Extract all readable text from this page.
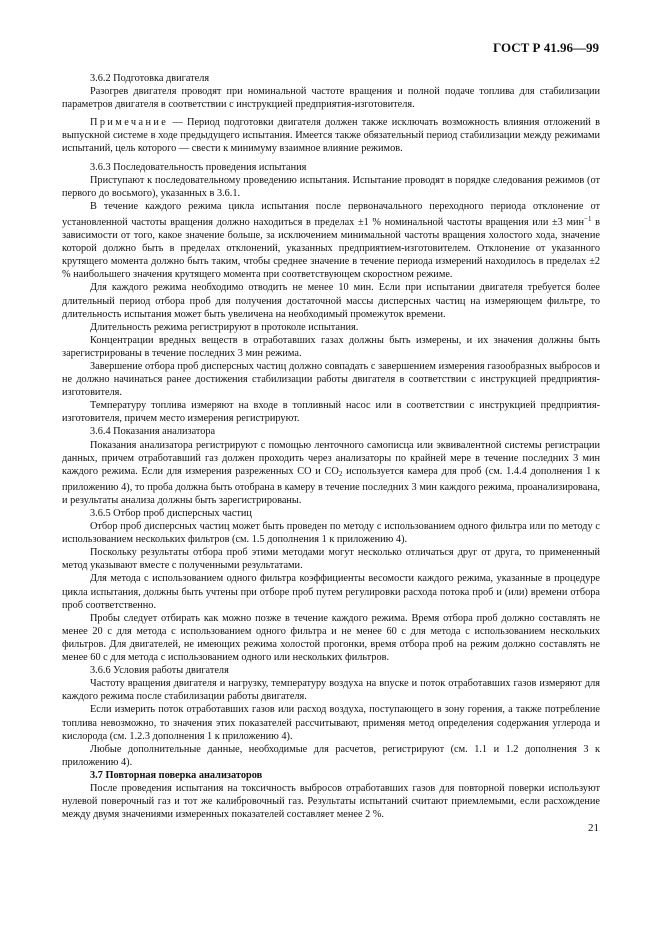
ГОСТ Р 41.96—99

3.6.2 Подготовка двигателя

Разогрев двигателя проводят при номинальной частоте вращения и полной подаче топлива для стабилизации параметров двигателя в соответствии с инструкцией предприятия-изготовителя.

Примечание — Период подготовки двигателя должен также исключать возможность влияния отложений в выпускной системе в ходе предыдущего испытания. Имеется также обязательный период стабилизации между режимами испытаний, цель которого — свести к минимуму взаимное влияние режимов.

3.6.3 Последовательность проведения испытания

Приступают к последовательному проведению испытания. Испытание проводят в порядке следования режимов (от первого до восьмого), указанных в 3.6.1.

В течение каждого режима цикла испытания после первоначального переходного периода отклонение от установленной частоты вращения должно находиться в пределах ±1 % номинальной частоты вращения или ±3 мин$^{-1}$ в зависимости от того, какое значение больше, за исключением минимальной частоты вращения холостого хода, значение которой должно быть в пределах отклонений, указанных предприятием-изготовителем. Отклонение от указанного крутящего момента должно быть таким, чтобы среднее значение в течение периода измерений находилось в пределах ±2 % наибольшего значения крутящего момента при соответствующем скоростном режиме.

Для каждого режима необходимо отводить не менее 10 мин. Если при испытании двигателя требуется более длительный период отбора проб для получения достаточной массы дисперсных частиц на измеряющем фильтре, то длительность испытания может быть увеличена на необходимый промежуток времени.

Длительность режима регистрируют в протоколе испытания.

Концентрации вредных веществ в отработавших газах должны быть измерены, и их значения должны быть зарегистрированы в течение последних 3 мин режима.

Завершение отбора проб дисперсных частиц должно совпадать с завершением измерения газообразных выбросов и не должно начинаться ранее достижения стабилизации работы двигателя в соответствии с инструкцией предприятия-изготовителя.

Температуру топлива измеряют на входе в топливный насос или в соответствии с инструкцией предприятия-изготовителя, причем место измерения регистрируют.

3.6.4 Показания анализатора

Показания анализатора регистрируют с помощью ленточного самописца или эквивалентной системы регистрации данных, причем отработавший газ должен проходить через анализаторы по крайней мере в течение последних 3 мин каждого режима. Если для измерения разреженных CO и $CO_2$ используется камера для проб (см. 1.4.4 дополнения 1 к приложению 4), то проба должна быть отобрана в камеру в течение последних 3 мин каждого режима, проанализирована, и результаты анализа должны быть зарегистрированы.

3.6.5 Отбор проб дисперсных частиц

Отбор проб дисперсных частиц может быть проведен по методу с использованием одного фильтра или по методу с использованием нескольких фильтров (см. 1.5 дополнения 1 к приложению 4).

Поскольку результаты отбора проб этими методами могут несколько отличаться друг от друга, то примененный метод указывают вместе с полученными результатами.

Для метода с использованием одного фильтра коэффициенты весомости каждого режима, указанные в процедуре цикла испытания, должны быть учтены при отборе проб путем регулировки расхода потока проб и (или) времени отбора проб соответственно.

Пробы следует отбирать как можно позже в течение каждого режима. Время отбора проб должно составлять не менее 20 с для метода с использованием одного фильтра и не менее 60 с для метода с использованием нескольких фильтров. Для двигателей, не имеющих режима холостой прогонки, время отбора проб на режим должно составлять не менее 60 с для метода с использованием одного или нескольких фильтров.

3.6.6 Условия работы двигателя

Частоту вращения двигателя и нагрузку, температуру воздуха на впуске и поток отработавших газов измеряют для каждого режима после стабилизации работы двигателя.

Если измерить поток отработавших газов или расход воздуха, поступающего в зону горения, а также потребление топлива невозможно, то значения этих показателей рассчитывают, применяя метод определения содержания углерода и кислорода (см. 1.2.3 дополнения 1 к приложению 4).

Любые дополнительные данные, необходимые для расчетов, регистрируют (см. 1.1 и 1.2 дополнения 3 к приложению 4).

3.7 Повторная поверка анализаторов

После проведения испытания на токсичность выбросов отработавших газов для повторной поверки используют нулевой поверочный газ и тот же калибровочный газ. Результаты испытаний считают приемлемыми, если расхождение между двумя значениями измеренных показателей составляет менее 2 %.

21
